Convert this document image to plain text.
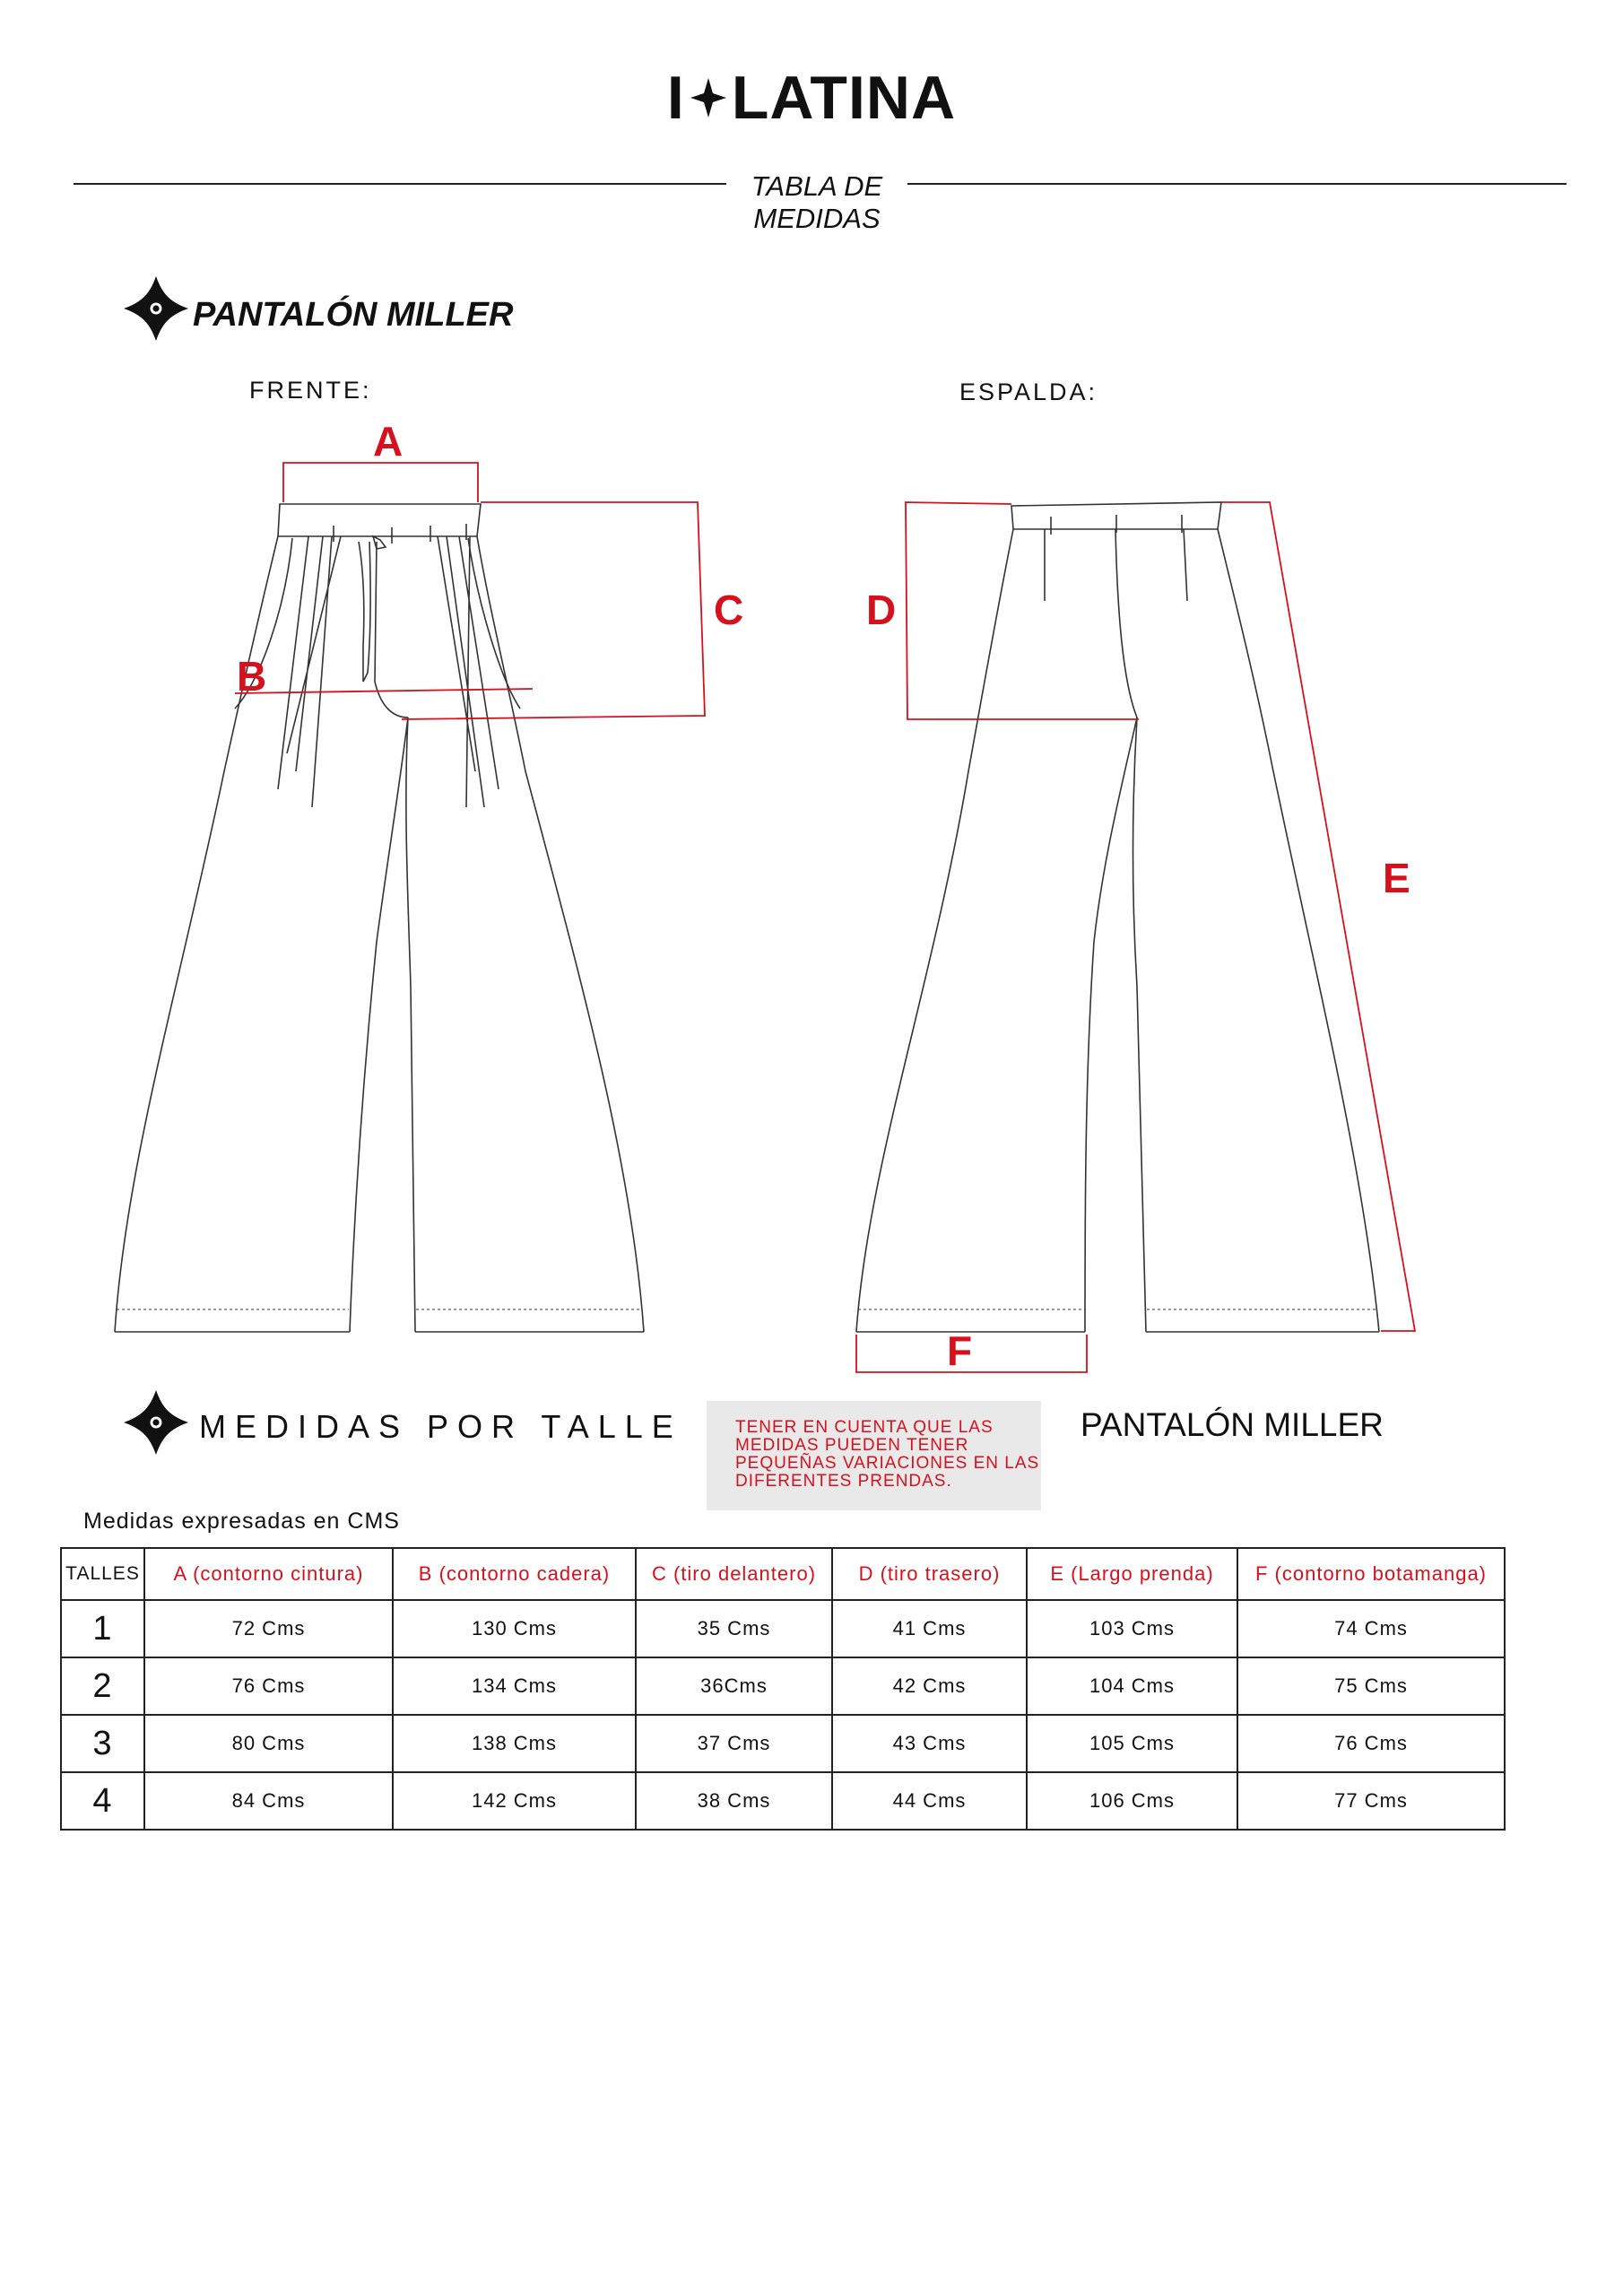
I LATINA
TABLA DE
MEDIDAS
PANTALÓN MILLER
FRENTE:	ESPALDA:
A
B
C	D
E
F
MEDIDAS POR TALLE	TENER EN CUENTA QUE LAS MEDIDAS PUEDEN TENER PEQUEÑAS VARIACIONES EN LAS DIFERENTES PRENDAS.
PANTALÓN MILLER
Medidas expresadas en CMS
TALLES	A (contorno cintura)	B (contorno cadera)	C (tiro delantero)	D (tiro trasero)	E (Largo prenda)	F (contorno botamanga)
1	72 Cms	130 Cms	35 Cms	41 Cms	103 Cms	74 Cms
2	76 Cms	134 Cms	36Cms	42 Cms	104 Cms	75 Cms
3	80 Cms	138 Cms	37 Cms	43 Cms	105 Cms	76 Cms
4	84 Cms	142 Cms	38 Cms	44 Cms	106 Cms	77 Cms
